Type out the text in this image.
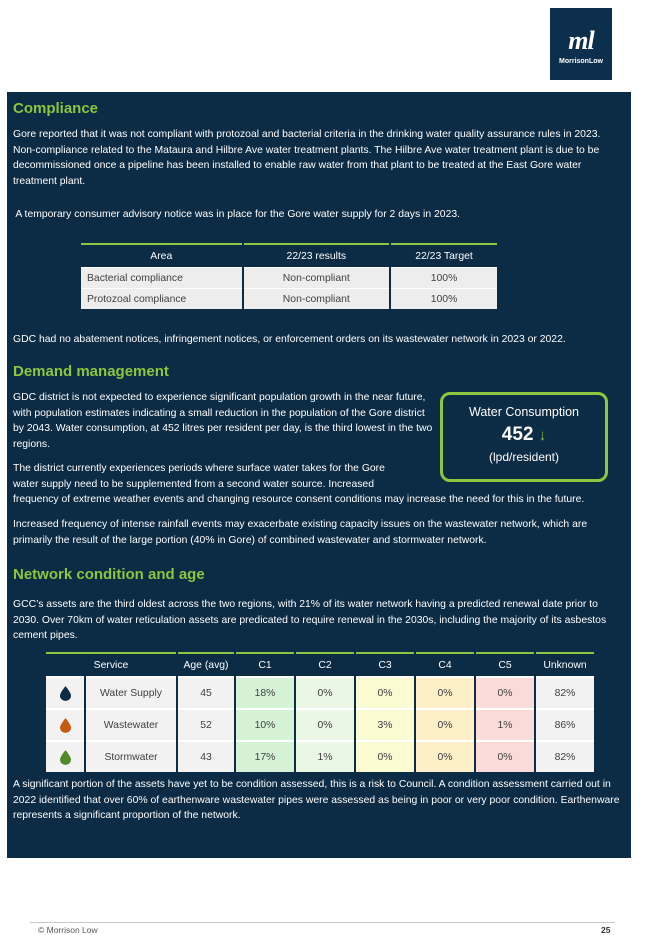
ml
MorrisonLow
Compliance

Gore reported that it was not compliant with protozoal and bacterial criteria in the drinking water quality assurance rules in 2023. Non-compliance related to the Mataura and Hilbre Ave water treatment plants. The Hilbre Ave water treatment plant is due to be decommissioned once a pipeline has been installed to enable raw water from that plant to be treated at the East Gore water treatment plant.

A temporary consumer advisory notice was in place for the Gore water supply for 2 days in 2023.

Area	22/23 results	22/23 Target
Bacterial compliance	Non-compliant	100%
Protozoal compliance	Non-compliant	100%

GDC had no abatement notices, infringement notices, or enforcement orders on its wastewater network in 2023 or 2022.

Demand management

GDC district is not expected to experience significant population growth in the near future, with population estimates indicating a small reduction in the population of the Gore district by 2043. Water consumption, at 452 litres per resident per day, is the third lowest in the two regions.

The district currently experiences periods where surface water takes for the Gore water supply need to be supplemented from a second water source. Increased

frequency of extreme weather events and changing resource consent conditions may increase the need for this in the future.

Water Consumption
452 ↓
(lpd/resident)

Increased frequency of intense rainfall events may exacerbate existing capacity issues on the wastewater network, which are primarily the result of the large portion (40% in Gore) of combined wastewater and stormwater network.

Network condition and age

GCC’s assets are the third oldest across the two regions, with 21% of its water network having a predicted renewal date prior to 2030. Over 70km of water reticulation assets are predicated to require renewal in the 2030s, including the majority of its asbestos cement pipes.

Service		Age (avg)	C1	C2	C3	C4	C5	Unknown
	Water Supply	45	18%	0%	0%	0%	0%	82%
	Wastewater	52	10%	0%	3%	0%	1%	86%
	Stormwater	43	17%	1%	0%	0%	0%	82%

A significant portion of the assets have yet to be condition assessed, this is a risk to Council. A condition assessment carried out in 2022 identified that over 60% of earthenware wastewater pipes were assessed as being in poor or very poor condition. Earthenware represents a significant proportion of the network.

© Morrison Low	25
